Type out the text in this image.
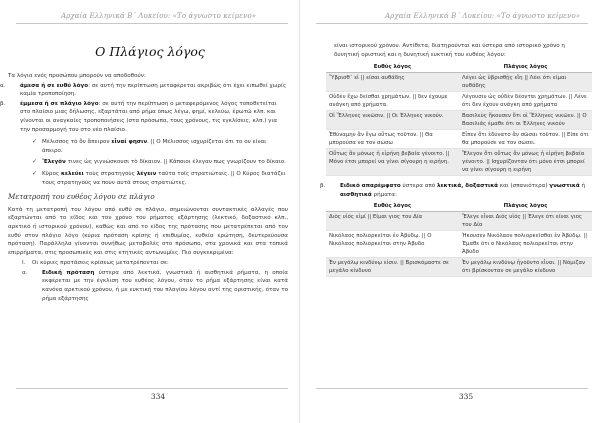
Αρχαία Ελληνικά Β΄ Λυκείου: «Το άγνωστο κείμενο»
Ο Πλάγιος λόγος

Τα λόγια ενός προσώπου μπορούν να αποδοθούν:

α.	άμεσα ή σε ευθύ λόγο: σε αυτή την περίπτωση μεταφέρεται ακριβώς ότι έχει ειπωθεί χωρίς καμία τροποποίηση.

β.	έμμεσα ή σε πλάγιο λόγο: σε αυτή την περίπτωση ο μεταφερόμενος λόγος τοποθετείται στο πλαίσιο μιας δήλωσης, εξαρτάται από ρήμα όπως λέγω, φημί, κελεύω, ἐρωτῶ κλπ. και γίνονται οι αναγκαίες τροποποιήσεις (στα πρόσωπα, τους χρόνους, τις εγκλίσεις, κλπ.) για την προσαρμογή του στο νέο πλαίσιο.

✓ Μέλισσος τὸ ὂν ἄπειρον εἶναί φησιν. || Ο Μέλισσος ισχυρίζεται ότι το ον είναι άπειρο.

✓ Ἔλεγόν τινες ὡς γιγνώσκουσι τὸ δίκαιον. || Κάποιοι έλεγαν πως γνωρίζουν το δίκαιο.

✓ Κῦρος κελεύει τοὺς στρατηγοὺς λέγειν ταῦτα τοῖς στρατιώταις. || Ο Κύρος διατάζει τους στρατηγούς να πουν αυτά στους στρατιώτες.

Μετατροπή του ευθέος λόγου σε πλάγιο

Κατά τη μετατροπή του λόγου από ευθύ σε πλάγιο, σημειώνονται συντακτικές αλλαγές που εξαρτώνται από το είδος και τον χρόνο του ρήματος εξάρτησης (λεκτικό, δοξαστικό κλπ., αρκτικό ή ιστορικού χρόνου), καθώς και από το είδος της πρότασης που μετατρέπεται από τον ευθύ στον πλάγιο λόγο (κύρια πρόταση κρίσης ή επιθυμίας, ευθεία ερώτηση, δευτερεύουσα πρόταση). Παράλληλα γίνονται συνήθως μεταβολές στο πρόσωπο, στα χρονικά και στα τοπικά επιρρήματα, στις προσωπικές και στις κτητικές αντωνυμίες. Πιο συγκεκριμένα:

I. Οι κύριες προτάσεις κρίσεως μετατρέπονται σε:

α.	Ειδική πρόταση ύστερα από λεκτικά, γνωστικά ή αισθητικά ρήματα, η οποία εκφέρεται με την έγκλιση του ευθέος λόγου, όταν το ρήμα εξάρτησης είναι κατά κανόνα αρκτικού χρόνου, ή με ευκτική του πλαγίου λόγου αντί της οριστικής, όταν το ρήμα εξάρτησης

334
Αρχαία Ελληνικά Β΄ Λυκείου: «Το άγνωστο κείμενο»

είναι ιστορικού χρόνου. Αντίθετα, διατηρούνται και ύστερα από ιστορικό χρόνο η δυνητική οριστική και η δυνητική ευκτική του ευθέος λόγου:

Ευθύς λόγος	Πλάγιος λόγος
Ὕβρισθ᾽ εἰ || είσαι αυθάδης	Λέγει ὡς ὑβρισθῂς εἴη || Λέει ότι είμαι αυθάδης
Οὐδὲν ἔχω δεῖσθαι χρημάτων. || δεν έχουμε ανάγκη από χρήματα.	Λέγουσιν ὡς οὐδὲν δέονται χρημάτων. || Λένε ότι δεν έχουν ανάγκη από χρήματα
Οἱ Ἕλληνες νικῶσιν. || Οι Έλληνες νικούν.	Βασιλεὺς ἤκουσεν ὅτι οἱ Ἕλληνες νικῶεν. || Ο Βασιλιάς έμαθε ότι οι Έλληνες νικούν
Ἐθύναμην ἂν ἔγω οὕτως τοῦτον. || Θα μπορούσα να τον σώσω	Εἶπεν ὅτι ἐδύνατο ἂν σῶσαι τοῦτον. || Είπε ότι θα μπορούσε να τον σώσει.
Οὕτως ἂν μόνως ἡ εἰρήνη βεβαία γένοιτο. || Μόνο έτσι μπορεί να γίνει σίγουρη η ειρήνη.	Ἔλεγον ὅτι οὕτως ἂν μόνως ἡ εἰρήνη βεβαία γένοιτο. || Ισχυρίζονταν ότι μόνο έτσι μπορεί να γίνει σίγουρη η ειρήνη

β.	Ειδικό απαρέμφατο ύστερα από λεκτικά, δοξαστικά και (σπανιότερα) γνωστικά ή αισθητικά ρήματα:

Ευθύς λόγος	Πλάγιος λόγος
Διὸς υἱός εἰμί || Είμαι γιος του Δία	Ἔλεγε εἶναι Διὸς υἱός || Έλεγε ότι είναι γιος του Δία
Νικόλαος πολιορκεῖται ἐν Ἀβύδῳ. || Ο Νικόλαος πολιορκείται στην Άβυδο	Ἠκουσεν Νικόλαον πολιορκεῖσθαι ἐν Ἀβύδῳ. || Έμαθε ότι ο Νικόλαος πολιορκείται στην Άβυδο
Ἐν μεγάλῳ κινδύνῳ εἰσιν. || Βρισκόμαστε σε μεγάλο κίνδυνο	Ἐν μεγάλῳ κινδύνῳ ἡγοῦντο εἶναι. || Νόμιζαν ότι βρίσκονταν σε μεγάλο κίνδυνο
335
